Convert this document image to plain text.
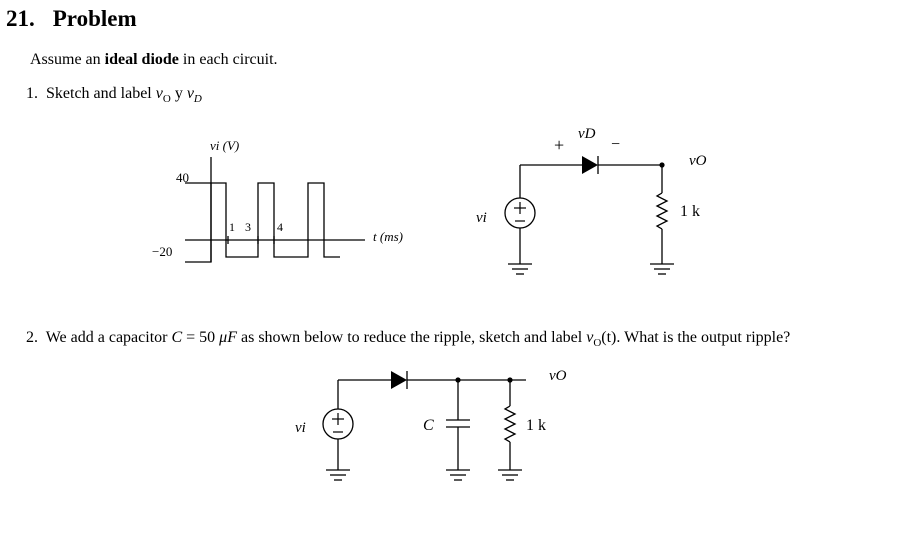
21. Problem
Assume an ideal diode in each circuit.
1. Sketch and label $v_O$ y $v_D$
2. We add a capacitor C = 50 μF as shown below to reduce the ripple, sketch and label $v_O(t)$. What is the output ripple?
vi (V)
40
−20
1 3 4
t (ms)
vi
+
vD
−
vO
1 k
vi	C
vO
1 k
